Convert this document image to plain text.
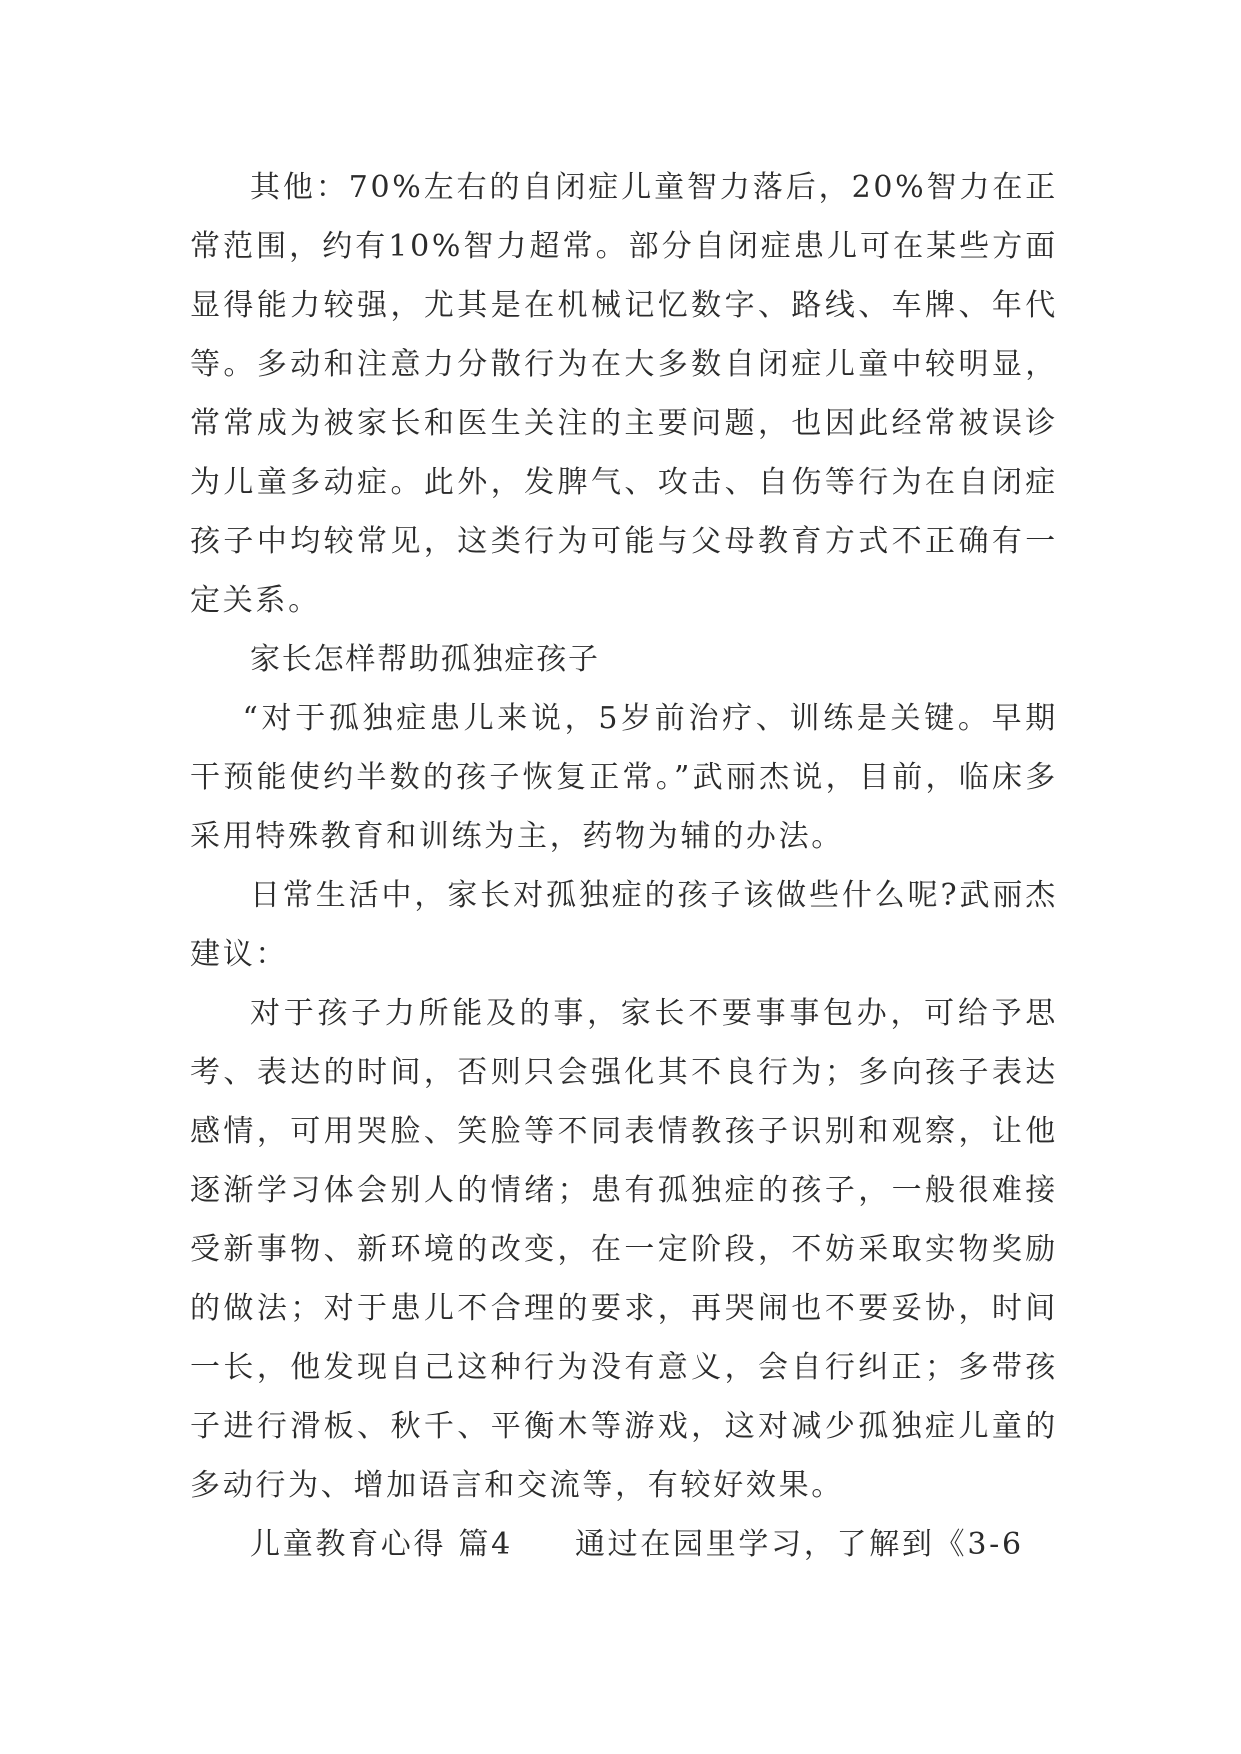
其他：70%左右的自闭症儿童智力落后，20%智力在正常范围，约有10%智力超常。部分自闭症患儿可在某些方面显得能力较强，尤其是在机械记忆数字、路线、车牌、年代等。多动和注意力分散行为在大多数自闭症儿童中较明显，常常成为被家长和医生关注的主要问题，也因此经常被误诊为儿童多动症。此外，发脾气、攻击、自伤等行为在自闭症孩子中均较常见，这类行为可能与父母教育方式不正确有一定关系。

家长怎样帮助孤独症孩子

“对于孤独症患儿来说，5岁前治疗、训练是关键。早期干预能使约半数的孩子恢复正常。”武丽杰说，目前，临床多采用特殊教育和训练为主，药物为辅的办法。

日常生活中，家长对孤独症的孩子该做些什么呢?武丽杰建议：

对于孩子力所能及的事，家长不要事事包办，可给予思考、表达的时间，否则只会强化其不良行为；多向孩子表达感情，可用哭脸、笑脸等不同表情教孩子识别和观察，让他逐渐学习体会别人的情绪；患有孤独症的孩子，一般很难接受新事物、新环境的改变，在一定阶段，不妨采取实物奖励的做法；对于患儿不合理的要求，再哭闹也不要妥协，时间一长，他发现自己这种行为没有意义，会自行纠正；多带孩子进行滑板、秋千、平衡木等游戏，这对减少孤独症儿童的多动行为、增加语言和交流等，有较好效果。

儿童教育心得 篇4 通过在园里学习，了解到《3-6
